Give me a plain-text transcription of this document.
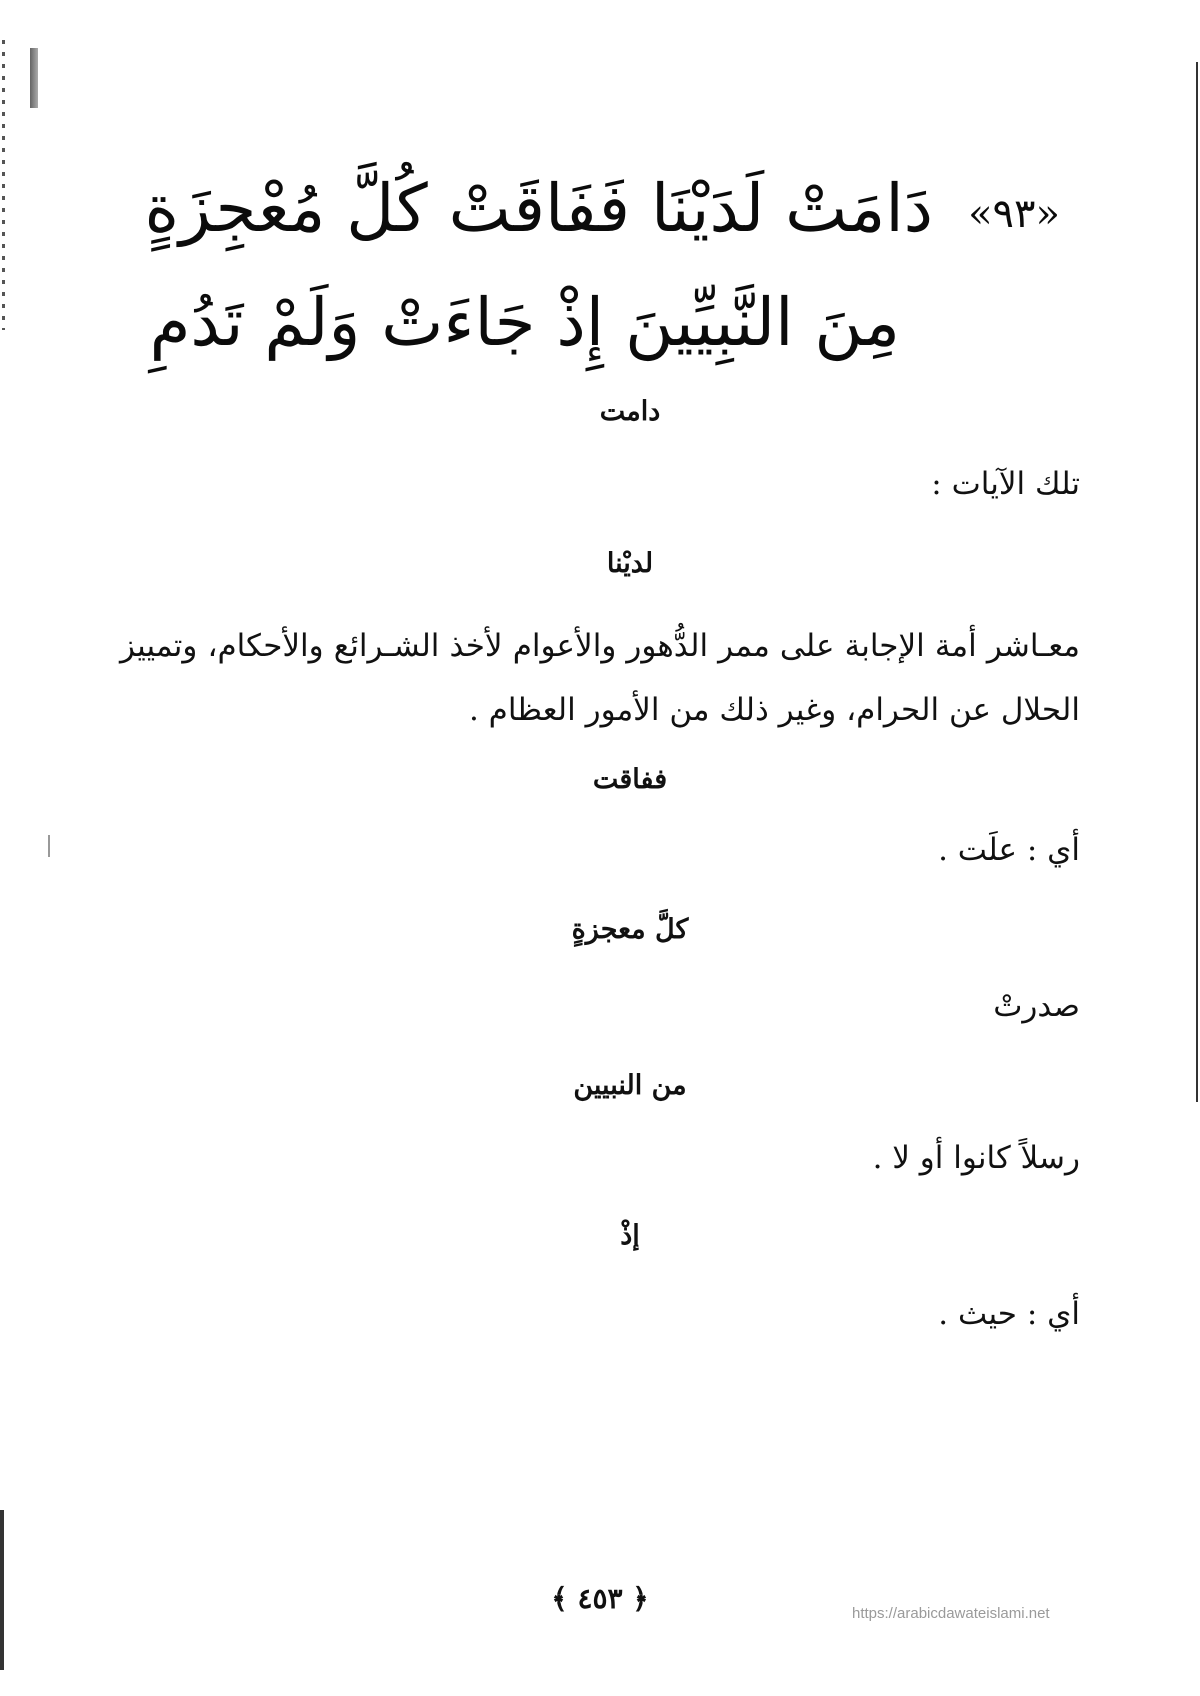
«٩٣» دَامَتْ لَدَيْنَا فَفَاقَتْ كُلَّ مُعْجِزَةٍ
مِنَ النَّبِيِّينَ إِذْ جَاءَتْ وَلَمْ تَدُمِ
دامت
تلك الآيات :
لديْنا
معـاشر أمة الإجابة على ممر الدُّهور والأعوام لأخذ الشـرائع والأحكام، وتمييز الحلال عن الحرام، وغير ذلك من الأمور العظام .
ففاقت
أي : علَت .
كلَّ معجزةٍ
صدرتْ
من النبيين
رسلاً كانوا أو لا .
إذْ
أي : حيث .
﴿ ٤٥٣ ﴾	https://arabicdawateislami.net
